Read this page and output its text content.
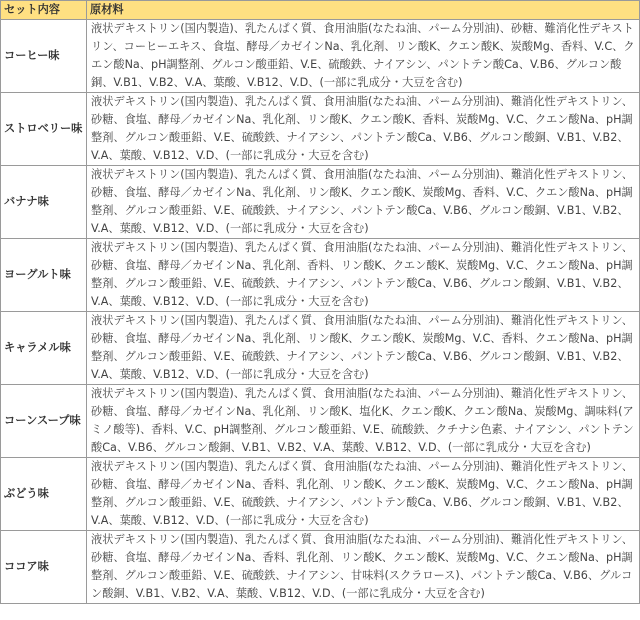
セット内容	原材料
コーヒー味	液状デキストリン(国内製造)、乳たんぱく質、食用油脂(なたね油、パーム分別油)、砂糖、難消化性デキストリン、コーヒーエキス、食塩、酵母／カゼインNa、乳化剤、リン酸K、クエン酸K、炭酸Mg、香料、V.C、クエン酸Na、pH調整剤、グルコン酸亜鉛、V.E、硫酸鉄、ナイアシン、パントテン酸Ca、V.B6、グルコン酸銅、V.B1、V.B2、V.A、葉酸、V.B12、V.D、(一部に乳成分・大豆を含む)
ストロベリー味	液状デキストリン(国内製造)、乳たんぱく質、食用油脂(なたね油、パーム分別油)、難消化性デキストリン、砂糖、食塩、酵母／カゼインNa、乳化剤、リン酸K、クエン酸K、香料、炭酸Mg、V.C、クエン酸Na、pH調整剤、グルコン酸亜鉛、V.E、硫酸鉄、ナイアシン、パントテン酸Ca、V.B6、グルコン酸銅、V.B1、V.B2、V.A、葉酸、V.B12、V.D、(一部に乳成分・大豆を含む)
バナナ味	液状デキストリン(国内製造)、乳たんぱく質、食用油脂(なたね油、パーム分別油)、難消化性デキストリン、砂糖、食塩、酵母／カゼインNa、乳化剤、リン酸K、クエン酸K、炭酸Mg、香料、V.C、クエン酸Na、pH調整剤、グルコン酸亜鉛、V.E、硫酸鉄、ナイアシン、パントテン酸Ca、V.B6、グルコン酸銅、V.B1、V.B2、V.A、葉酸、V.B12、V.D、(一部に乳成分・大豆を含む)
ヨーグルト味	液状デキストリン(国内製造)、乳たんぱく質、食用油脂(なたね油、パーム分別油)、難消化性デキストリン、砂糖、食塩、酵母／カゼインNa、乳化剤、香料、リン酸K、クエン酸K、炭酸Mg、V.C、クエン酸Na、pH調整剤、グルコン酸亜鉛、V.E、硫酸鉄、ナイアシン、パントテン酸Ca、V.B6、グルコン酸銅、V.B1、V.B2、V.A、葉酸、V.B12、V.D、(一部に乳成分・大豆を含む)
キャラメル味	液状デキストリン(国内製造)、乳たんぱく質、食用油脂(なたね油、パーム分別油)、難消化性デキストリン、砂糖、食塩、酵母／カゼインNa、乳化剤、リン酸K、クエン酸K、炭酸Mg、V.C、香料、クエン酸Na、pH調整剤、グルコン酸亜鉛、V.E、硫酸鉄、ナイアシン、パントテン酸Ca、V.B6、グルコン酸銅、V.B1、V.B2、V.A、葉酸、V.B12、V.D、(一部に乳成分・大豆を含む)
コーンスープ味	液状デキストリン(国内製造)、乳たんぱく質、食用油脂(なたね油、パーム分別油)、難消化性デキストリン、砂糖、食塩、酵母／カゼインNa、乳化剤、リン酸K、塩化K、クエン酸K、クエン酸Na、炭酸Mg、調味料(アミノ酸等)、香料、V.C、pH調整剤、グルコン酸亜鉛、V.E、硫酸鉄、クチナシ色素、ナイアシン、パントテン酸Ca、V.B6、グルコン酸銅、V.B1、V.B2、V.A、葉酸、V.B12、V.D、(一部に乳成分・大豆を含む)
ぶどう味	液状デキストリン(国内製造)、乳たんぱく質、食用油脂(なたね油、パーム分別油)、難消化性デキストリン、砂糖、食塩、酵母／カゼインNa、香料、乳化剤、リン酸K、クエン酸K、炭酸Mg、V.C、クエン酸Na、pH調整剤、グルコン酸亜鉛、V.E、硫酸鉄、ナイアシン、パントテン酸Ca、V.B6、グルコン酸銅、V.B1、V.B2、V.A、葉酸、V.B12、V.D、(一部に乳成分・大豆を含む)
ココア味	液状デキストリン(国内製造)、乳たんぱく質、食用油脂(なたね油、パーム分別油)、難消化性デキストリン、砂糖、食塩、酵母／カゼインNa、香料、乳化剤、リン酸K、クエン酸K、炭酸Mg、V.C、クエン酸Na、pH調整剤、グルコン酸亜鉛、V.E、硫酸鉄、ナイアシン、甘味料(スクラロース)、パントテン酸Ca、V.B6、グルコン酸銅、V.B1、V.B2、V.A、葉酸、V.B12、V.D、(一部に乳成分・大豆を含む)
